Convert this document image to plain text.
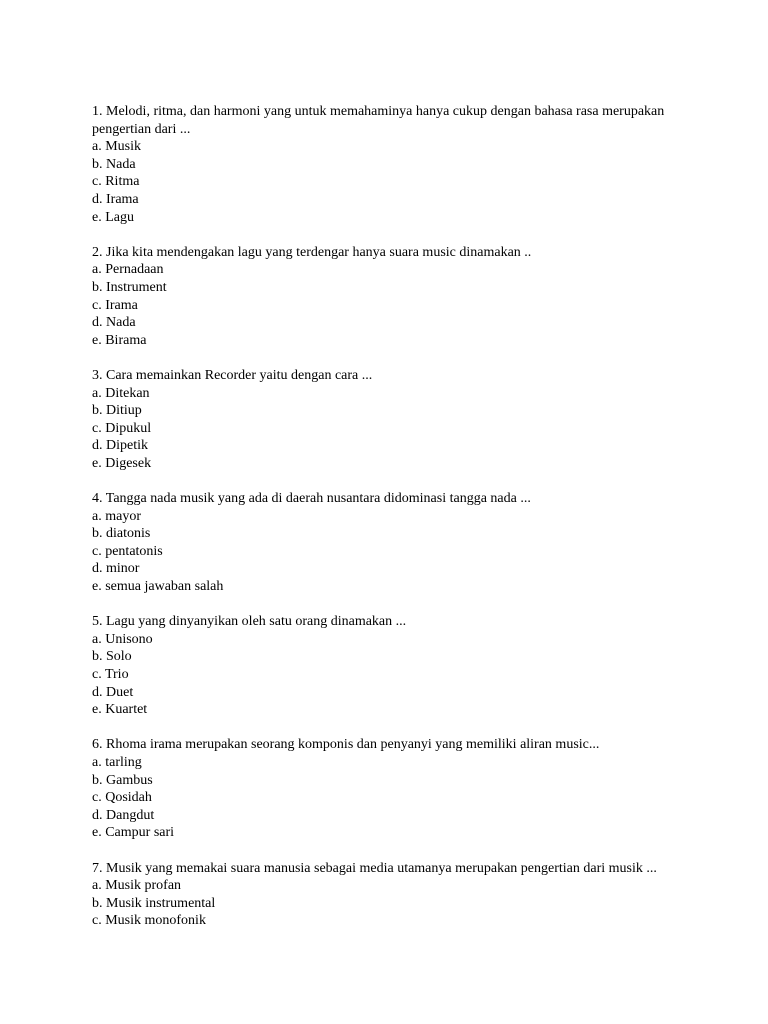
1. Melodi, ritma, dan harmoni yang untuk memahaminya hanya cukup dengan bahasa rasa merupakan pengertian dari ...
a. Musik
b. Nada
c. Ritma
d. Irama
e. Lagu
2. Jika kita mendengakan lagu yang terdengar hanya suara music dinamakan ..
a. Pernadaan
b. Instrument
c. Irama
d. Nada
e. Birama
3. Cara memainkan Recorder yaitu dengan cara ...
a. Ditekan
b. Ditiup
c. Dipukul
d. Dipetik
e. Digesek
4. Tangga nada musik yang ada di daerah nusantara didominasi tangga nada ...
a. mayor
b. diatonis
c. pentatonis
d. minor
e. semua jawaban salah
5. Lagu yang dinyanyikan oleh satu orang dinamakan ...
a. Unisono
b. Solo
c. Trio
d. Duet
e. Kuartet
6. Rhoma irama merupakan seorang komponis dan penyanyi yang memiliki aliran music...
a. tarling
b. Gambus
c. Qosidah
d. Dangdut
e. Campur sari
7. Musik yang memakai suara manusia sebagai media utamanya merupakan pengertian dari musik ...
a. Musik profan
b. Musik instrumental
c. Musik monofonik
